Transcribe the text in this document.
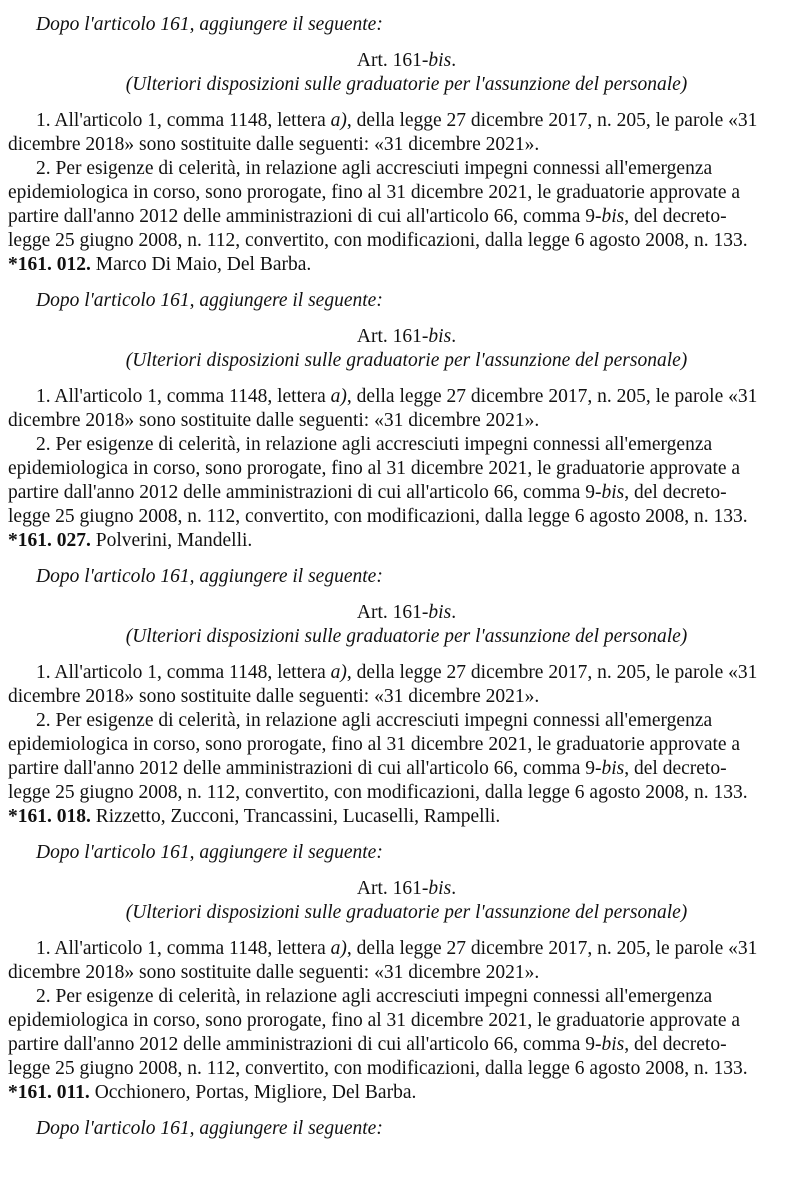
Dopo l'articolo 161, aggiungere il seguente:

Art. 161-bis.

(Ulteriori disposizioni sulle graduatorie per l'assunzione del personale)

1. All'articolo 1, comma 1148, lettera a), della legge 27 dicembre 2017, n. 205, le parole «31
dicembre 2018» sono sostituite dalle seguenti: «31 dicembre 2021».
2. Per esigenze di celerità, in relazione agli accresciuti impegni connessi all'emergenza
epidemiologica in corso, sono prorogate, fino al 31 dicembre 2021, le graduatorie approvate a
partire dall'anno 2012 delle amministrazioni di cui all'articolo 66, comma 9-bis, del decreto-
legge 25 giugno 2008, n. 112, convertito, con modificazioni, dalla legge 6 agosto 2008, n. 133.

*161. 012. Marco Di Maio, Del Barba.

Dopo l'articolo 161, aggiungere il seguente:

Art. 161-bis.

(Ulteriori disposizioni sulle graduatorie per l'assunzione del personale)

1. All'articolo 1, comma 1148, lettera a), della legge 27 dicembre 2017, n. 205, le parole «31
dicembre 2018» sono sostituite dalle seguenti: «31 dicembre 2021».
2. Per esigenze di celerità, in relazione agli accresciuti impegni connessi all'emergenza
epidemiologica in corso, sono prorogate, fino al 31 dicembre 2021, le graduatorie approvate a
partire dall'anno 2012 delle amministrazioni di cui all'articolo 66, comma 9-bis, del decreto-
legge 25 giugno 2008, n. 112, convertito, con modificazioni, dalla legge 6 agosto 2008, n. 133.

*161. 027. Polverini, Mandelli.

Dopo l'articolo 161, aggiungere il seguente:

Art. 161-bis.

(Ulteriori disposizioni sulle graduatorie per l'assunzione del personale)

1. All'articolo 1, comma 1148, lettera a), della legge 27 dicembre 2017, n. 205, le parole «31
dicembre 2018» sono sostituite dalle seguenti: «31 dicembre 2021».
2. Per esigenze di celerità, in relazione agli accresciuti impegni connessi all'emergenza
epidemiologica in corso, sono prorogate, fino al 31 dicembre 2021, le graduatorie approvate a
partire dall'anno 2012 delle amministrazioni di cui all'articolo 66, comma 9-bis, del decreto-
legge 25 giugno 2008, n. 112, convertito, con modificazioni, dalla legge 6 agosto 2008, n. 133.

*161. 018. Rizzetto, Zucconi, Trancassini, Lucaselli, Rampelli.

Dopo l'articolo 161, aggiungere il seguente:

Art. 161-bis.

(Ulteriori disposizioni sulle graduatorie per l'assunzione del personale)

1. All'articolo 1, comma 1148, lettera a), della legge 27 dicembre 2017, n. 205, le parole «31
dicembre 2018» sono sostituite dalle seguenti: «31 dicembre 2021».
2. Per esigenze di celerità, in relazione agli accresciuti impegni connessi all'emergenza
epidemiologica in corso, sono prorogate, fino al 31 dicembre 2021, le graduatorie approvate a
partire dall'anno 2012 delle amministrazioni di cui all'articolo 66, comma 9-bis, del decreto-
legge 25 giugno 2008, n. 112, convertito, con modificazioni, dalla legge 6 agosto 2008, n. 133.

*161. 011. Occhionero, Portas, Migliore, Del Barba.

Dopo l'articolo 161, aggiungere il seguente:
